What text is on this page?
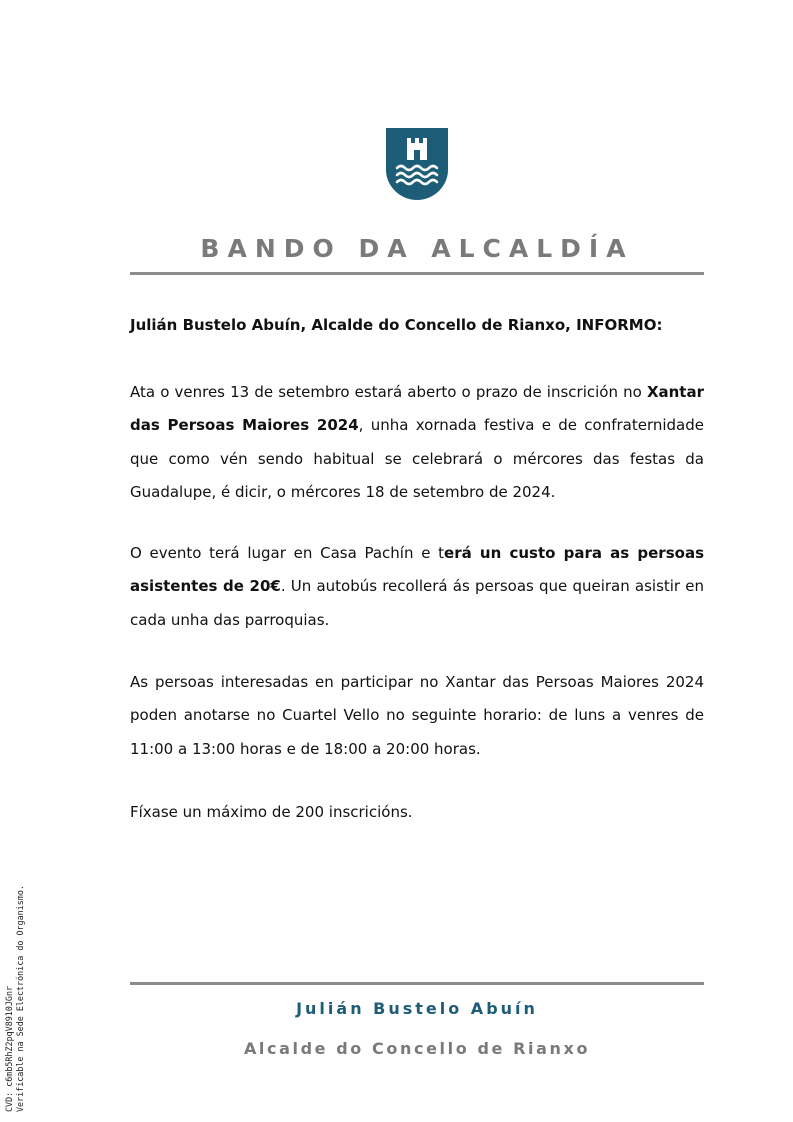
BANDO DA ALCALDÍA
Julián Bustelo Abuín, Alcalde do Concello de Rianxo, INFORMO:

Ata o venres 13 de setembro estará aberto o prazo de inscrición no Xantar das Persoas Maiores 2024, unha xornada festiva e de confraternidade que como vén sendo habitual se celebrará o mércores das festas da Guadalupe, é dicir, o mércores 18 de setembro de 2024.

O evento terá lugar en Casa Pachín e terá un custo para as persoas asistentes de 20€. Un autobús recollerá ás persoas que queiran asistir en cada unha das parroquias.

As persoas interesadas en participar no Xantar das Persoas Maiores 2024 poden anotarse no Cuartel Vello no seguinte horario: de luns a venres de 11:00 a 13:00 horas e de 18:00 a 20:00 horas.

Fíxase un máximo de 200 inscricións.

Julián Bustelo Abuín
Alcalde do Concello de Rianxo
CVD: c6mb5RhZ2pqV8910JGnr Verificable na Sede Electrónica do Organismo.
